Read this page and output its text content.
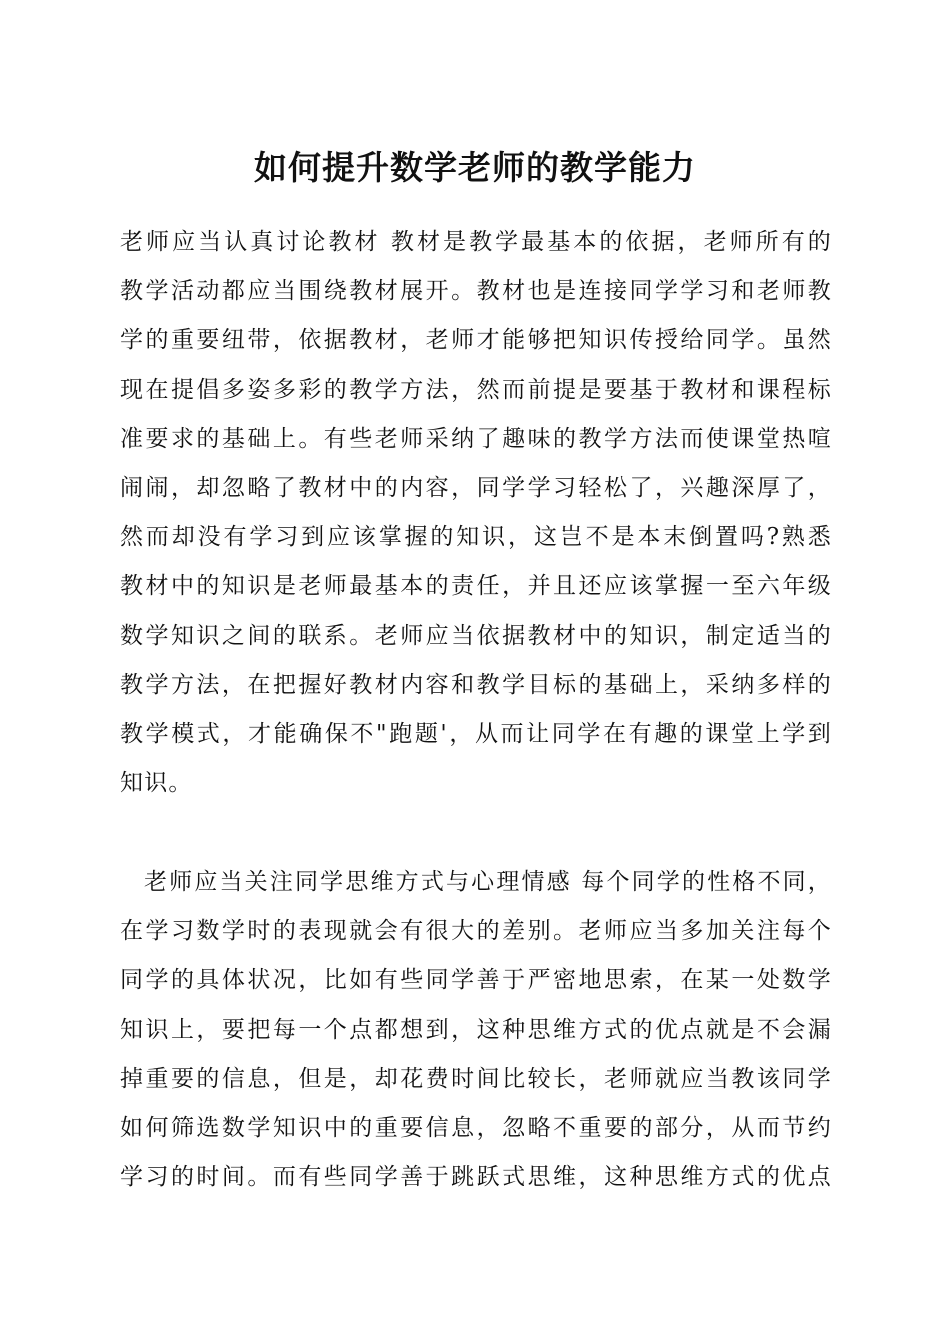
如何提升数学老师的教学能力
老师应当认真讨论教材 教材是教学最基本的依据，老师所有的
教学活动都应当围绕教材展开。教材也是连接同学学习和老师教
学的重要纽带，依据教材，老师才能够把知识传授给同学。虽然
现在提倡多姿多彩的教学方法，然而前提是要基于教材和课程标
准要求的基础上。有些老师采纳了趣味的教学方法而使课堂热喧
闹闹，却忽略了教材中的内容，同学学习轻松了，兴趣深厚了，
然而却没有学习到应该掌握的知识，这岂不是本末倒置吗?熟悉
教材中的知识是老师最基本的责任，并且还应该掌握一至六年级
数学知识之间的联系。老师应当依据教材中的知识，制定适当的
教学方法，在把握好教材内容和教学目标的基础上，采纳多样的
教学模式，才能确保不"跑题'，从而让同学在有趣的课堂上学到
知识。
老师应当关注同学思维方式与心理情感 每个同学的性格不同，
在学习数学时的表现就会有很大的差别。老师应当多加关注每个
同学的具体状况，比如有些同学善于严密地思索，在某一处数学
知识上，要把每一个点都想到，这种思维方式的优点就是不会漏
掉重要的信息，但是，却花费时间比较长，老师就应当教该同学
如何筛选数学知识中的重要信息，忽略不重要的部分，从而节约
学习的时间。而有些同学善于跳跃式思维，这种思维方式的优点
